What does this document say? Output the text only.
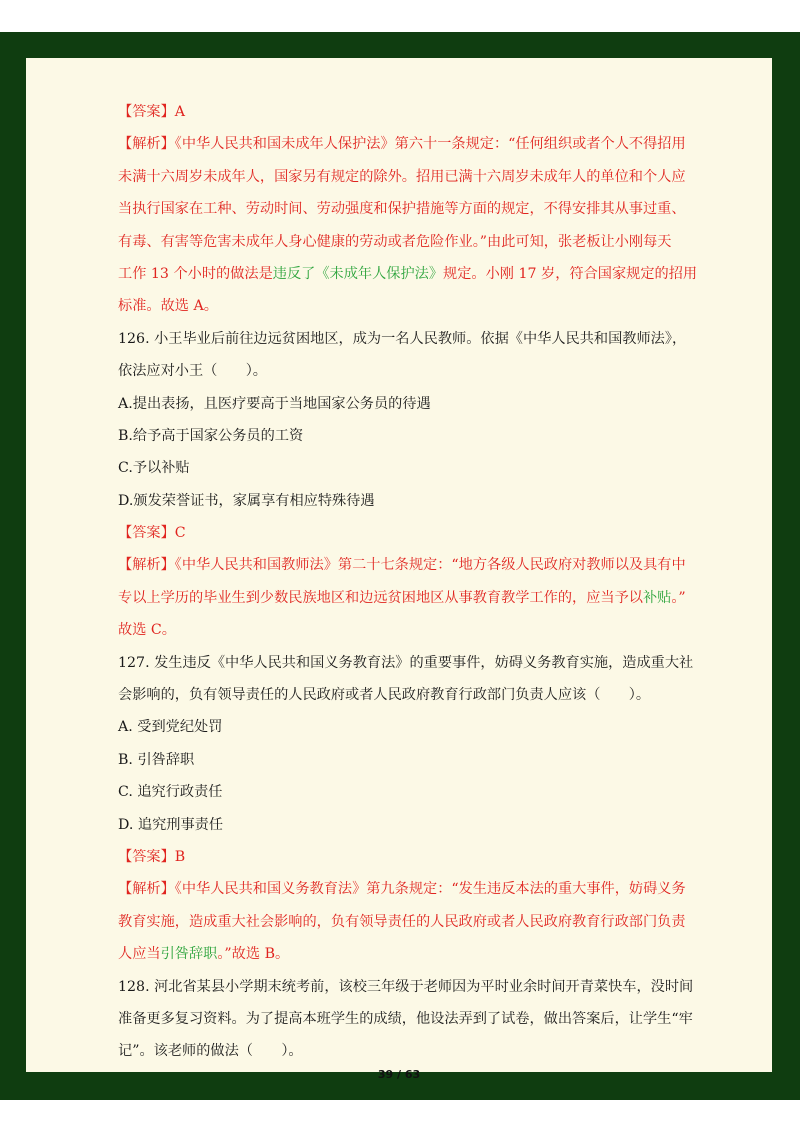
【答案】A

【解析】《中华人民共和国未成年人保护法》第六十一条规定：“任何组织或者个人不得招用

未满十六周岁未成年人，国家另有规定的除外。招用已满十六周岁未成年人的单位和个人应

当执行国家在工种、劳动时间、劳动强度和保护措施等方面的规定，不得安排其从事过重、

有毒、有害等危害未成年人身心健康的劳动或者危险作业。”由此可知，张老板让小刚每天

工作 13 个小时的做法是违反了《未成年人保护法》规定。小刚 17 岁，符合国家规定的招用

标准。故选 A。

126. 小王毕业后前往边远贫困地区，成为一名人民教师。依据《中华人民共和国教师法》，

依法应对小王（　　）。

A.提出表扬，且医疗要高于当地国家公务员的待遇

B.给予高于国家公务员的工资

C.予以补贴

D.颁发荣誉证书，家属享有相应特殊待遇

【答案】C

【解析】《中华人民共和国教师法》第二十七条规定：“地方各级人民政府对教师以及具有中

专以上学历的毕业生到少数民族地区和边远贫困地区从事教育教学工作的，应当予以补贴。”

故选 C。

127. 发生违反《中华人民共和国义务教育法》的重要事件，妨碍义务教育实施，造成重大社

会影响的，负有领导责任的人民政府或者人民政府教育行政部门负责人应该（　　）。

A. 受到党纪处罚

B. 引咎辞职

C. 追究行政责任

D. 追究刑事责任

【答案】B

【解析】《中华人民共和国义务教育法》第九条规定：“发生违反本法的重大事件，妨碍义务

教育实施，造成重大社会影响的，负有领导责任的人民政府或者人民政府教育行政部门负责

人应当引咎辞职。”故选 B。

128. 河北省某县小学期末统考前，该校三年级于老师因为平时业余时间开青菜快车，没时间

准备更多复习资料。为了提高本班学生的成绩，他设法弄到了试卷，做出答案后，让学生“牢

记”。该老师的做法（　　）。

39 / 63
